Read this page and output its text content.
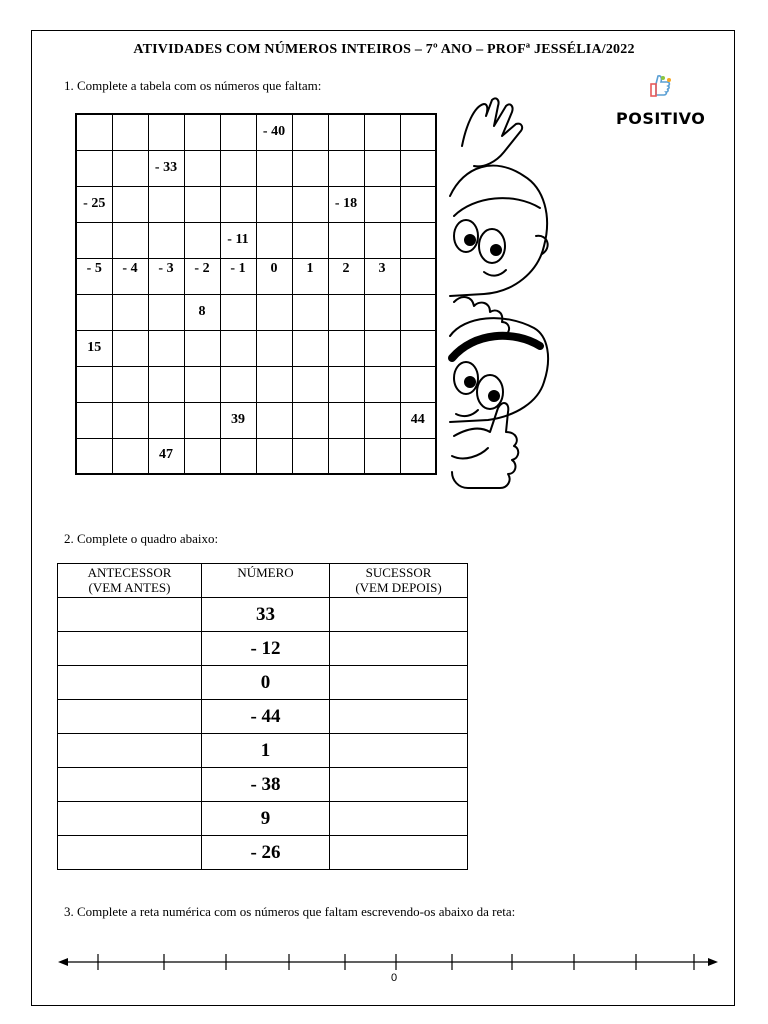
ATIVIDADES COM NÚMEROS INTEIROS – 7º ANO – PROFª JESSÉLIA/2022
1. Complete a tabela com os números que faltam:

					- 40				

		- 33							

- 25							- 18		

				- 11					

- 5	- 4	- 3	- 2	- 1	0	1	2	3	

			8						

15									

				39					44

		47							

POSITIVO
2. Complete o quadro abaixo:
ANTECESSOR
(VEM ANTES)	NÚMERO	SUCESSOR
(VEM DEPOIS)
	33	
	- 12	
	0	
	- 44	
	1	
	- 38	
	9	
	- 26	
3. Complete a reta numérica com os números que faltam escrevendo-os abaixo da reta:
0
